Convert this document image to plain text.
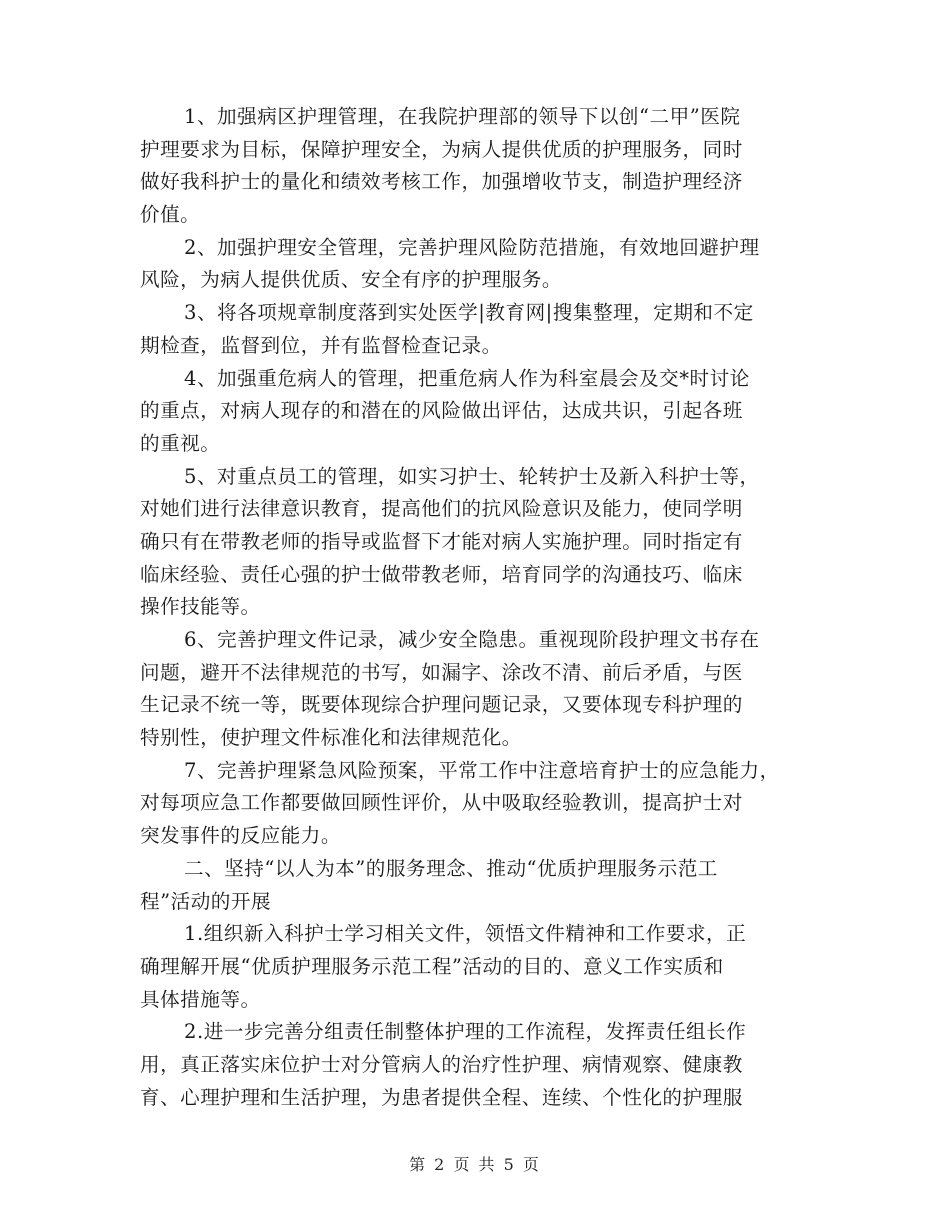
1、加强病区护理管理，在我院护理部的领导下以创“二甲”医院
护理要求为目标，保障护理安全，为病人提供优质的护理服务，同时
做好我科护士的量化和绩效考核工作，加强增收节支，制造护理经济
价值。
2、加强护理安全管理，完善护理风险防范措施，有效地回避护理
风险，为病人提供优质、安全有序的护理服务。
3、将各项规章制度落到实处医学|教育网|搜集整理，定期和不定
期检查，监督到位，并有监督检查记录。
4、加强重危病人的管理，把重危病人作为科室晨会及交*时讨论
的重点，对病人现存的和潜在的风险做出评估，达成共识，引起各班
的重视。
5、对重点员工的管理，如实习护士、轮转护士及新入科护士等，
对她们进行法律意识教育，提高他们的抗风险意识及能力，使同学明
确只有在带教老师的指导或监督下才能对病人实施护理。同时指定有
临床经验、责任心强的护士做带教老师，培育同学的沟通技巧、临床
操作技能等。
6、完善护理文件记录，减少安全隐患。重视现阶段护理文书存在
问题，避开不法律规范的书写，如漏字、涂改不清、前后矛盾，与医
生记录不统一等，既要体现综合护理问题记录，又要体现专科护理的
特别性，使护理文件标准化和法律规范化。
7、完善护理紧急风险预案，平常工作中注意培育护士的应急能力，
对每项应急工作都要做回顾性评价，从中吸取经验教训，提高护士对
突发事件的反应能力。
二、坚持“以人为本”的服务理念、推动“优质护理服务示范工
程”活动的开展
1.组织新入科护士学习相关文件，领悟文件精神和工作要求，正
确理解开展“优质护理服务示范工程”活动的目的、意义工作实质和
具体措施等。
2.进一步完善分组责任制整体护理的工作流程，发挥责任组长作
用，真正落实床位护士对分管病人的治疗性护理、病情观察、健康教
育、心理护理和生活护理，为患者提供全程、连续、个性化的护理服
第 2 页 共 5 页
